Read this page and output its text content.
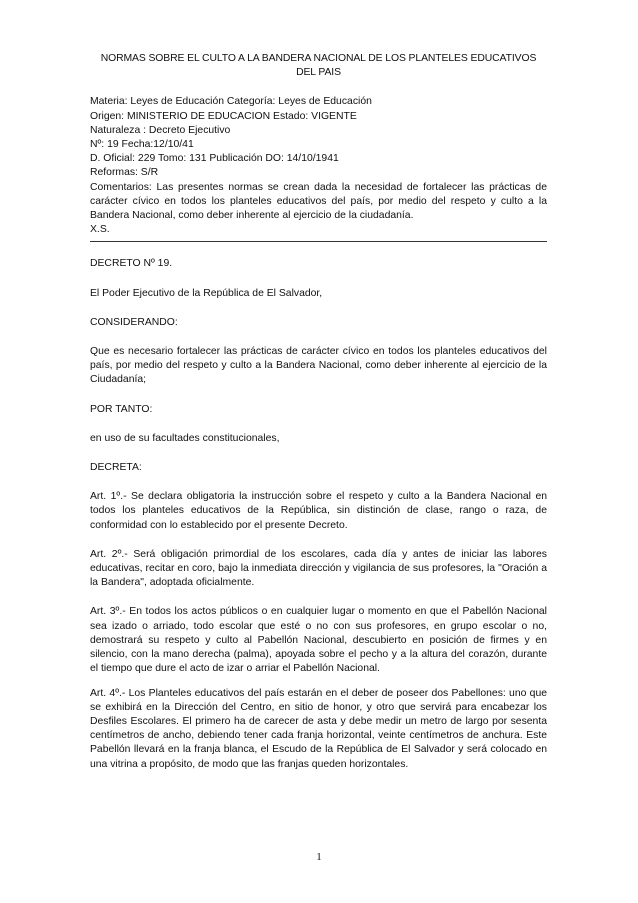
NORMAS SOBRE EL CULTO A LA BANDERA NACIONAL DE LOS PLANTELES EDUCATIVOS DEL PAIS

Materia: Leyes de Educación Categoría: Leyes de Educación

Origen: MINISTERIO DE EDUCACION Estado: VIGENTE

Naturaleza : Decreto Ejecutivo

Nº: 19 Fecha:12/10/41

D. Oficial: 229 Tomo: 131 Publicación DO: 14/10/1941

Reformas: S/R

Comentarios: Las presentes normas se crean dada la necesidad de fortalecer las prácticas de carácter cívico en todos los planteles educativos del país, por medio del respeto y culto a la Bandera Nacional, como deber inherente al ejercicio de la ciudadanía.

X.S.

DECRETO Nº 19.

El Poder Ejecutivo de la República de El Salvador,

CONSIDERANDO:

Que es necesario fortalecer las prácticas de carácter cívico en todos los planteles educativos del país, por medio del respeto y culto a la Bandera Nacional, como deber inherente al ejercicio de la Ciudadanía;

POR TANTO:

en uso de su facultades constitucionales,

DECRETA:

Art. 1º.- Se declara obligatoria la instrucción sobre el respeto y culto a la Bandera Nacional en todos los planteles educativos de la República, sin distinción de clase, rango o raza, de conformidad con lo establecido por el presente Decreto.

Art. 2º.- Será obligación primordial de los escolares, cada día y antes de iniciar las labores educativas, recitar en coro, bajo la inmediata dirección y vigilancia de sus profesores, la "Oración a la Bandera", adoptada oficialmente.

Art. 3º.- En todos los actos públicos o en cualquier lugar o momento en que el Pabellón Nacional sea izado o arriado, todo escolar que esté o no con sus profesores, en grupo escolar o no, demostrará su respeto y culto al Pabellón Nacional, descubierto en posición de firmes y en silencio, con la mano derecha (palma), apoyada sobre el pecho y a la altura del corazón, durante el tiempo que dure el acto de izar o arriar el Pabellón Nacional.

Art. 4º.- Los Planteles educativos del país estarán en el deber de poseer dos Pabellones: uno que se exhibirá en la Dirección del Centro, en sitio de honor, y otro que servirá para encabezar los Desfiles Escolares. El primero ha de carecer de asta y debe medir un metro de largo por sesenta centímetros de ancho, debiendo tener cada franja horizontal, veinte centímetros de anchura. Este Pabellón llevará en la franja blanca, el Escudo de la República de El Salvador y será colocado en una vitrina a propósito, de modo que las franjas queden horizontales.

1
